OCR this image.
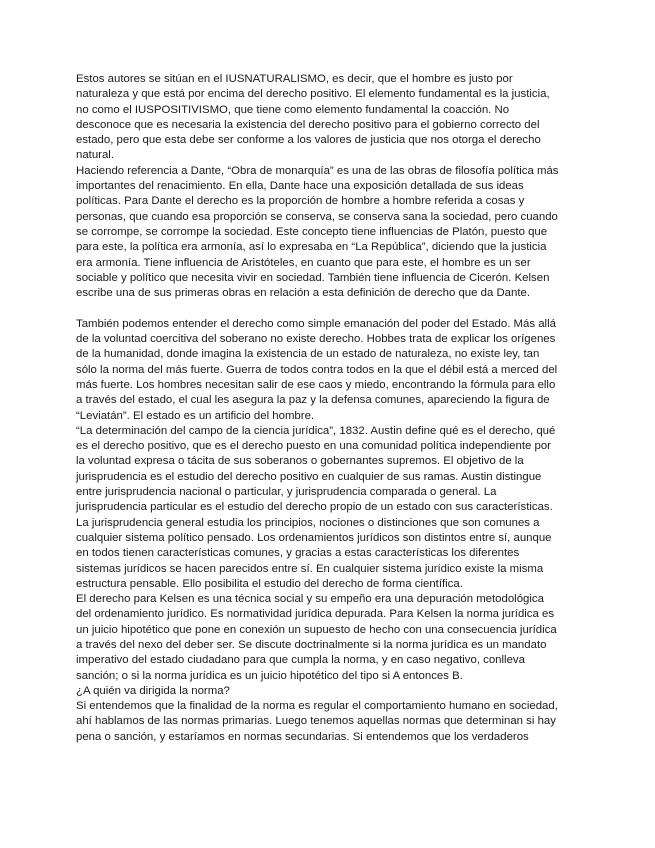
Estos autores se sitúan en el IUSNATURALISMO, es decir, que el hombre es justo por
naturaleza y que está por encima del derecho positivo. El elemento fundamental es la justicia,
no como el IUSPOSITIVISMO, que tiene como elemento fundamental la coacción. No
desconoce que es necesaria la existencia del derecho positivo para el gobierno correcto del
estado, pero que esta debe ser conforme a los valores de justicia que nos otorga el derecho
natural.
Haciendo referencia a Dante, “Obra de monarquía” es una de las obras de filosofía política más
importantes del renacimiento. En ella, Dante hace una exposición detallada de sus ideas
políticas. Para Dante el derecho es la proporción de hombre a hombre referida a cosas y
personas, que cuando esa proporción se conserva, se conserva sana la sociedad, pero cuando
se corrompe, se corrompe la sociedad. Este concepto tiene influencias de Platón, puesto que
para este, la política era armonía, así lo expresaba en “La República”, diciendo que la justicia
era armonía. Tiene influencia de Aristóteles, en cuanto que para este, el hombre es un ser
sociable y político que necesita vivir en sociedad. También tiene influencia de Cicerón. Kelsen
escribe una de sus primeras obras en relación a esta definición de derecho que da Dante.
También podemos entender el derecho como simple emanación del poder del Estado. Más allá
de la voluntad coercitiva del soberano no existe derecho. Hobbes trata de explicar los orígenes
de la humanidad, donde imagina la existencia de un estado de naturaleza, no existe ley, tan
sólo la norma del más fuerte. Guerra de todos contra todos en la que el débil está a merced del
más fuerte. Los hombres necesitan salir de ese caos y miedo, encontrando la fórmula para ello
a través del estado, el cual les asegura la paz y la defensa comunes, apareciendo la figura de
“Leviatán”. El estado es un artificio del hombre.
“La determinación del campo de la ciencia jurídica”, 1832. Austin define qué es el derecho, qué
es el derecho positivo, que es el derecho puesto en una comunidad política independiente por
la voluntad expresa o tácita de sus soberanos o gobernantes supremos. El objetivo de la
jurisprudencia es el estudio del derecho positivo en cualquier de sus ramas. Austin distingue
entre jurisprudencia nacional o particular, y jurisprudencia comparada o general. La
jurisprudencia particular es el estudio del derecho propio de un estado con sus características.
La jurisprudencia general estudia los principios, nociones o distinciones que son comunes a
cualquier sistema político pensado. Los ordenamientos jurídicos son distintos entre sí, aunque
en todos tienen características comunes, y gracias a estas características los diferentes
sistemas jurídicos se hacen parecidos entre sí. En cualquier sistema jurídico existe la misma
estructura pensable. Ello posibilita el estudio del derecho de forma científica.
El derecho para Kelsen es una técnica social y su empeño era una depuración metodológica
del ordenamiento jurídico. Es normatividad jurídica depurada. Para Kelsen la norma jurídica es
un juicio hipotético que pone en conexión un supuesto de hecho con una consecuencia jurídica
a través del nexo del deber ser. Se discute doctrinalmente si la norma jurídica es un mandato
imperativo del estado ciudadano para que cumpla la norma, y en caso negativo, conlleva
sanción; o si la norma jurídica es un juicio hipotético del tipo si A entonces B.
¿A quién va dirigida la norma?
Si entendemos que la finalidad de la norma es regular el comportamiento humano en sociedad,
ahí hablamos de las normas primarias. Luego tenemos aquellas normas que determinan si hay
pena o sanción, y estaríamos en normas secundarias. Si entendemos que los verdaderos
